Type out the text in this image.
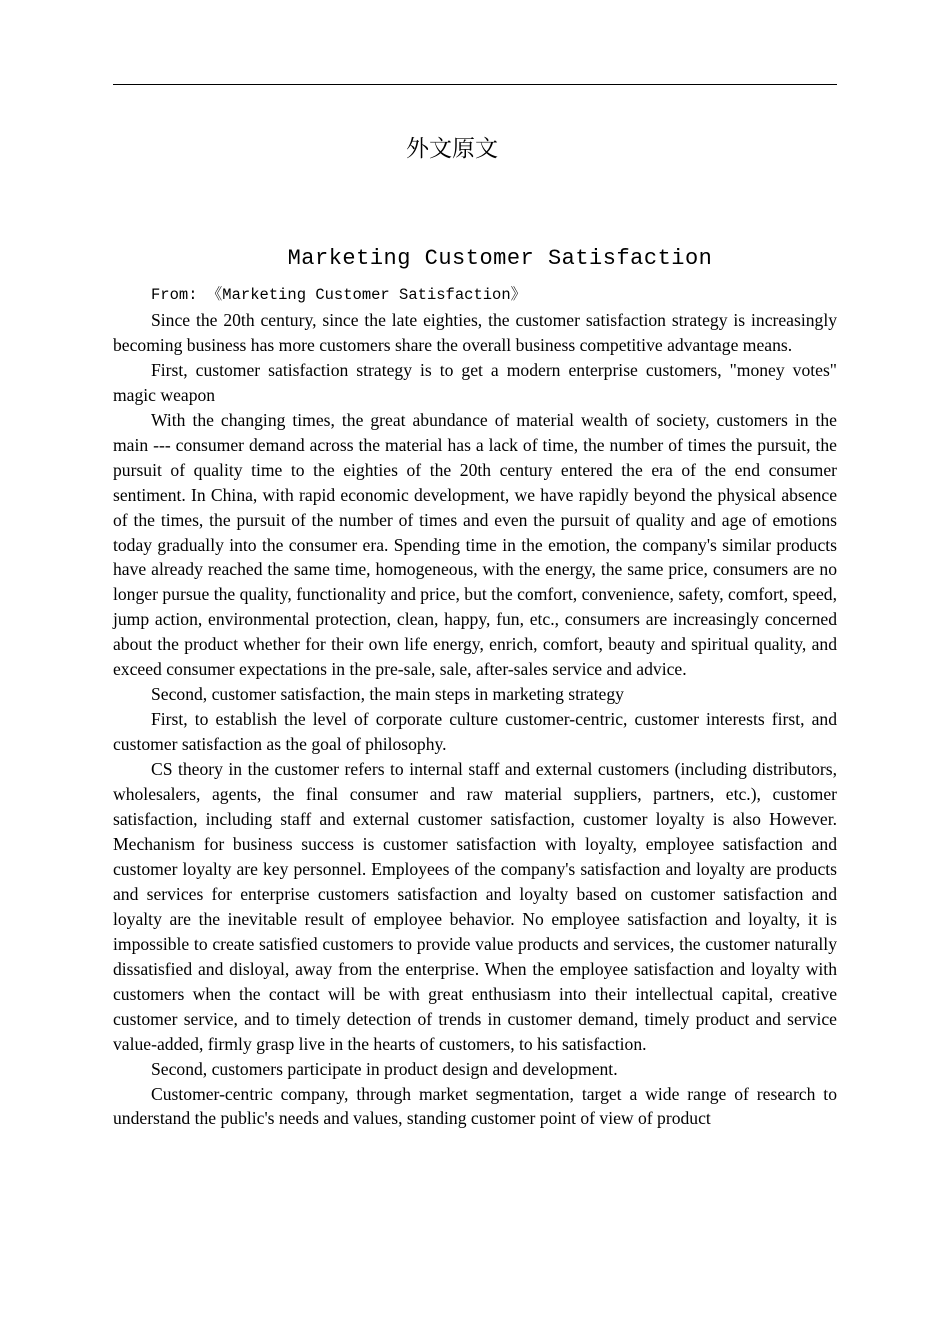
外文原文
Marketing Customer Satisfaction

From: 《Marketing Customer Satisfaction》

Since the 20th century, since the late eighties, the customer satisfaction strategy is increasingly becoming business has more customers share the overall business competitive advantage means.

First, customer satisfaction strategy is to get a modern enterprise customers, "money votes" magic weapon

With the changing times, the great abundance of material wealth of society, customers in the main --- consumer demand across the material has a lack of time, the number of times the pursuit, the pursuit of quality time to the eighties of the 20th century entered the era of the end consumer sentiment. In China, with rapid economic development, we have rapidly beyond the physical absence of the times, the pursuit of the number of times and even the pursuit of quality and age of emotions today gradually into the consumer era. Spending time in the emotion, the company's similar products have already reached the same time, homogeneous, with the energy, the same price, consumers are no longer pursue the quality, functionality and price, but the comfort, convenience, safety, comfort, speed, jump action, environmental protection, clean, happy, fun, etc., consumers are increasingly concerned about the product whether for their own life energy, enrich, comfort, beauty and spiritual quality, and exceed consumer expectations in the pre-sale, sale, after-sales service and advice.

Second, customer satisfaction, the main steps in marketing strategy

First, to establish the level of corporate culture customer-centric, customer interests first, and customer satisfaction as the goal of philosophy.

CS theory in the customer refers to internal staff and external customers (including distributors, wholesalers, agents, the final consumer and raw material suppliers, partners, etc.), customer satisfaction, including staff and external customer satisfaction, customer loyalty is also However. Mechanism for business success is customer satisfaction with loyalty, employee satisfaction and customer loyalty are key personnel. Employees of the company's satisfaction and loyalty are products and services for enterprise customers satisfaction and loyalty based on customer satisfaction and loyalty are the inevitable result of employee behavior. No employee satisfaction and loyalty, it is impossible to create satisfied customers to provide value products and services, the customer naturally dissatisfied and disloyal, away from the enterprise. When the employee satisfaction and loyalty with customers when the contact will be with great enthusiasm into their intellectual capital, creative customer service, and to timely detection of trends in customer demand, timely product and service value-added, firmly grasp live in the hearts of customers, to his satisfaction.

Second, customers participate in product design and development.

Customer-centric company, through market segmentation, target a wide range of research to understand the public's needs and values, standing customer point of view of product
